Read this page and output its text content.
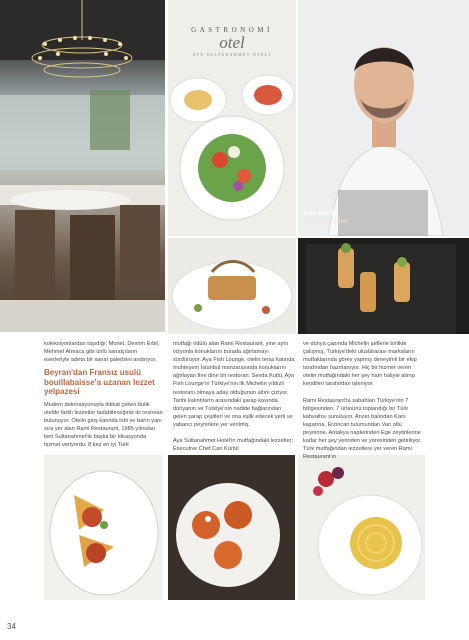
GASTRONOMİ
otel
AYA SULTANAHMET OTELİ
Can Kürtül
Executive Chef

koleksiyonlardan taşıdığı; Monet, Devrim Erbil, Mehmet Atmaca gibi ünlü sanatçıların eserleriyle adeta bir sanat galerisini andırıyor.

Beyran'dan Fransız usulü bouillabaisse'a uzanan lezzet yelpazesi

Modern dekorasyonuyla dikkat çeken butik otelde farklı lezzetler tadabileceğiniz iki restoran bulunuyor. Otelin giriş katında lobi ve barın yanı sıra yer alan Rami Restaurant, 1985 yılından beri Sultanahmet'te başka bir lokasyonda hizmet veriyordu. 8 kez en iyi Türk

mutfağı ödülü alan Rami Restaurant, yine aynı vizyonla konuklarını burada ağırlamayı sürdürüyor. Aya Fish Lounge, otelin teras katında muhteşem İstanbul manzarasında konuklarını ağırlayan fine dine bir restoran. Sevda Kutlu, Aya Fish Lounge'ın Türkiye'nin ilk Michelin yıldızlı restoranı olmaya aday olduğunun altını çiziyor. Tarihi kalıntıların arasındaki şarap kavında dünyanın ve Türkiye'nin nadide bağlarından gelen şarap çeşitleri ve ona eşlik edecek yerli ve yabancı peynirlere yer verilmiş.

Aya Sultanahmet Hotel'in mutfağındaki lezzetler; Executive Chef Can Kürtül

ve dünya çapında Michelin şeflerle birlikte çalışmış, Türkiye'deki uluslararası markaların mutfaklarında görev yapmış deneyimli bir ekip tarafından hazırlanıyor. Hiç bir hizmet veren otelin mutfağındaki her şey ham haliyle alınıp kendileri tarafından işleniyor.

Rami Restaurant'ta sabahları Türkiye'nin 7 bölgesinden, 7 ürününü toplandığı bir Türk kahvaltısı sunuluyor. Anzer balından Kars kaşarına, Erzincan tulumundan Van otlu peynirine, Antakya naplerinden Ege zeytinlerine kadar her şey yerinden ve yöresinden getiriliyor. Türk mutfağından lezzetlere yer veren Rami Restaurant'ın

34
